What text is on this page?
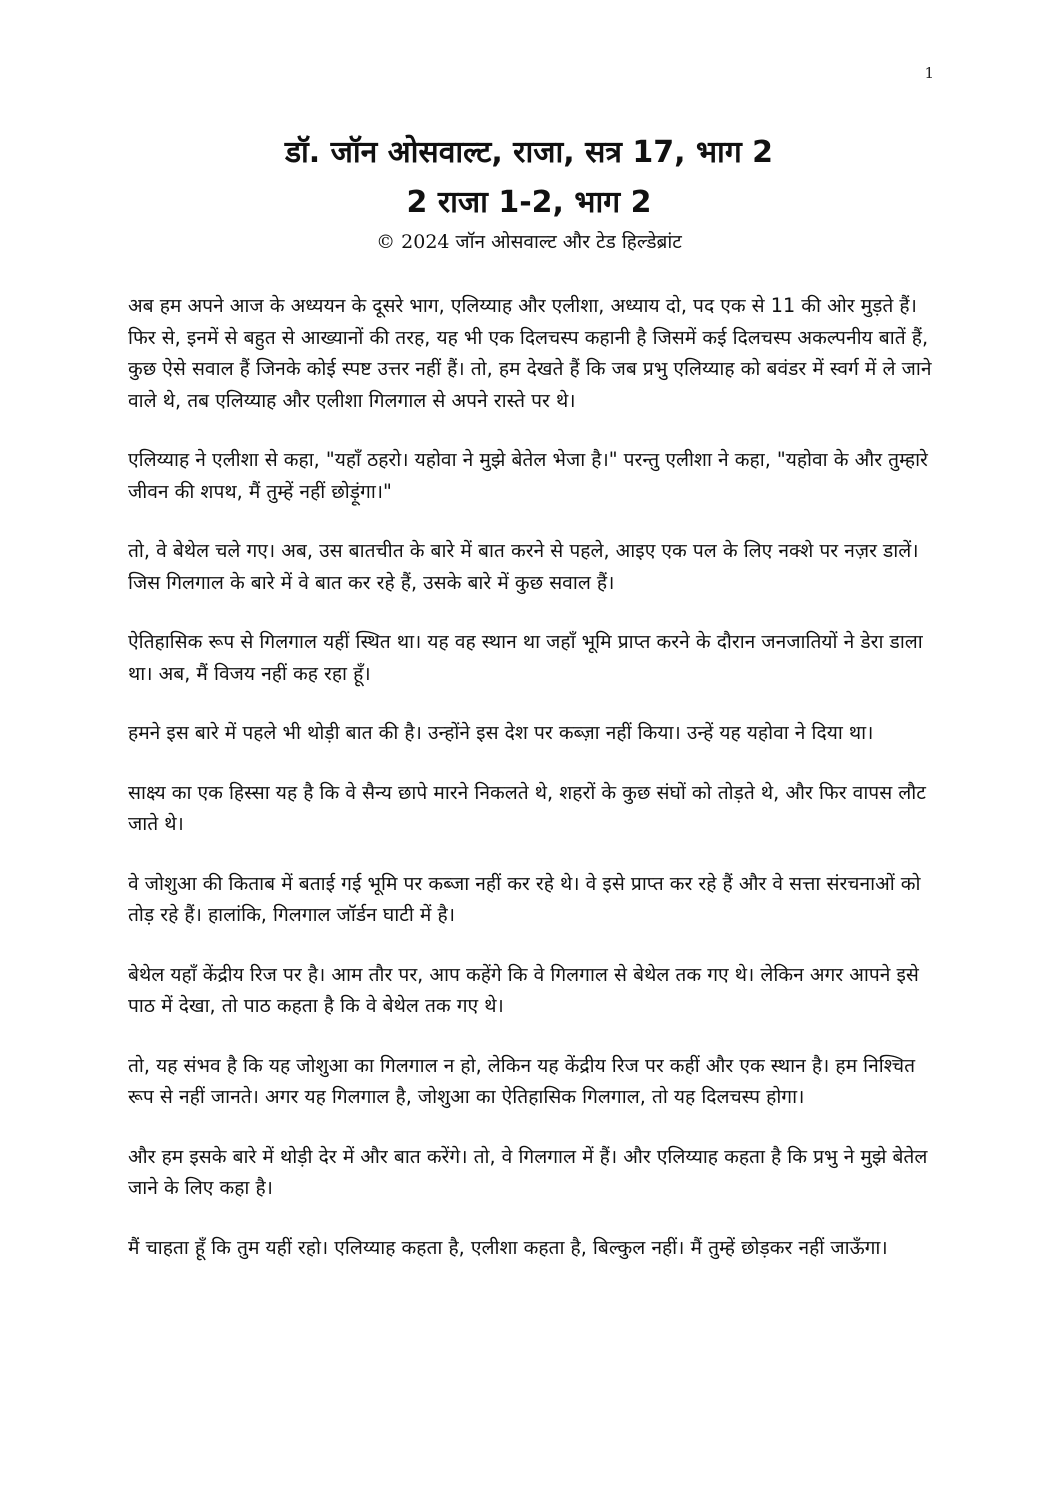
1
डॉ. जॉन ओसवाल्ट, राजा, सत्र 17, भाग 2
2 राजा 1-2, भाग 2

© 2024 जॉन ओसवाल्ट और टेड हिल्डेब्रांट

अब हम अपने आज के अध्ययन के दूसरे भाग, एलिय्याह और एलीशा, अध्याय दो, पद एक से 11 की ओर मुड़ते हैं। फिर से, इनमें से बहुत से आख्यानों की तरह, यह भी एक दिलचस्प कहानी है जिसमें कई दिलचस्प अकल्पनीय बातें हैं, कुछ ऐसे सवाल हैं जिनके कोई स्पष्ट उत्तर नहीं हैं। तो, हम देखते हैं कि जब प्रभु एलिय्याह को बवंडर में स्वर्ग में ले जाने वाले थे, तब एलिय्याह और एलीशा गिलगाल से अपने रास्ते पर थे।

एलिय्याह ने एलीशा से कहा, "यहाँ ठहरो। यहोवा ने मुझे बेतेल भेजा है।" परन्तु एलीशा ने कहा, "यहोवा के और तुम्हारे जीवन की शपथ, मैं तुम्हें नहीं छोड़ूंगा।"

तो, वे बेथेल चले गए। अब, उस बातचीत के बारे में बात करने से पहले, आइए एक पल के लिए नक्शे पर नज़र डालें। जिस गिलगाल के बारे में वे बात कर रहे हैं, उसके बारे में कुछ सवाल हैं।

ऐतिहासिक रूप से गिलगाल यहीं स्थित था। यह वह स्थान था जहाँ भूमि प्राप्त करने के दौरान जनजातियों ने डेरा डाला था। अब, मैं विजय नहीं कह रहा हूँ।

हमने इस बारे में पहले भी थोड़ी बात की है। उन्होंने इस देश पर कब्ज़ा नहीं किया। उन्हें यह यहोवा ने दिया था।

साक्ष्य का एक हिस्सा यह है कि वे सैन्य छापे मारने निकलते थे, शहरों के कुछ संघों को तोड़ते थे, और फिर वापस लौट जाते थे।

वे जोशुआ की किताब में बताई गई भूमि पर कब्जा नहीं कर रहे थे। वे इसे प्राप्त कर रहे हैं और वे सत्ता संरचनाओं को तोड़ रहे हैं। हालांकि, गिलगाल जॉर्डन घाटी में है।

बेथेल यहाँ केंद्रीय रिज पर है। आम तौर पर, आप कहेंगे कि वे गिलगाल से बेथेल तक गए थे। लेकिन अगर आपने इसे पाठ में देखा, तो पाठ कहता है कि वे बेथेल तक गए थे।

तो, यह संभव है कि यह जोशुआ का गिलगाल न हो, लेकिन यह केंद्रीय रिज पर कहीं और एक स्थान है। हम निश्चित रूप से नहीं जानते। अगर यह गिलगाल है, जोशुआ का ऐतिहासिक गिलगाल, तो यह दिलचस्प होगा।

और हम इसके बारे में थोड़ी देर में और बात करेंगे। तो, वे गिलगाल में हैं। और एलिय्याह कहता है कि प्रभु ने मुझे बेतेल जाने के लिए कहा है।

मैं चाहता हूँ कि तुम यहीं रहो। एलिय्याह कहता है, एलीशा कहता है, बिल्कुल नहीं। मैं तुम्हें छोड़कर नहीं जाऊँगा।
